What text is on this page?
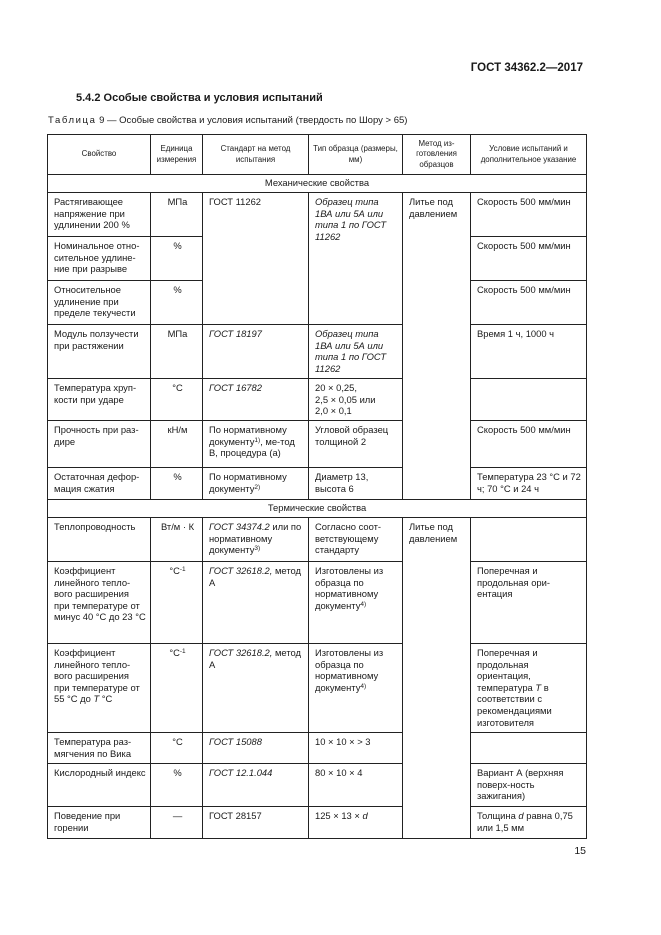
ГОСТ 34362.2—2017
5.4.2 Особые свойства и условия испытаний
Таблица 9 — Особые свойства и условия испытаний (твердость по Шору > 65)
Свойство	Единица измерения	Стандарт на метод испытания	Тип образца (размеры, мм)	Метод из-готовления образцов	Условие испытаний и дополнительное указание
Механические свойства					
Растягивающее напряжение при удлинении 200 %	МПа	ГОСТ 11262	Образец типа 1ВА или 5А или типа 1 по ГОСТ 11262	Литье под давлением	Скорость 500 мм/мин
Номинальное отно-сительное удлине-ние при разрыве	%				Скорость 500 мм/мин
Относительное удлинение при пределе текучести	%				Скорость 500 мм/мин
Модуль ползучести при растяжении	МПа	ГОСТ 18197	Образец типа 1ВА или 5А или типа 1 по ГОСТ 11262		Время 1 ч, 1000 ч
Температура хруп-кости при ударе	°C	ГОСТ 16782	20 × 0,25,
2,5 × 0,05 или
2,0 × 0,1		
Прочность при раз-дире	кН/м	По нормативному документу$^{1)}$, ме-тод В, процедура (а)	Угловой образец толщиной 2		Скорость 500 мм/мин
Остаточная дефор-мация сжатия	%	По нормативному документу$^{2)}$	Диаметр 13, высота 6		Температура 23 °С и 72 ч; 70 °С и 24 ч
Термические свойства					
Теплопроводность	Вт/м · К	ГОСТ 34374.2 или по нормативному документу$^{3)}$	Согласно соот-ветствующему стандарту	Литье под давлением	
Коэффициент линейного тепло-вого расширения при температуре от минус 40 °С до 23 °С	$^\circ С^{-1}$	ГОСТ 32618.2, метод А	Изготовлены из образца по нормативному документу$^{4)}$		Поперечная и продольная ори-ентация
Коэффициент линейного тепло-вого расширения при температуре от 55 °С до T °С	$^\circ С^{-1}$	ГОСТ 32618.2, метод А	Изготовлены из образца по нормативному документу$^{4)}$		Поперечная и продольная ориентация, температура T в соответствии с рекомендациями изготовителя
Температура раз-мягчения по Вика	°С	ГОСТ 15088	10 × 10 × > 3		
Кислородный индекс	%	ГОСТ 12.1.044	80 × 10 × 4		Вариант А (верхняя поверх-ность зажигания)
Поведение при горении	—	ГОСТ 28157	125 × 13 × d		Толщина d равна 0,75 или 1,5 мм
15
